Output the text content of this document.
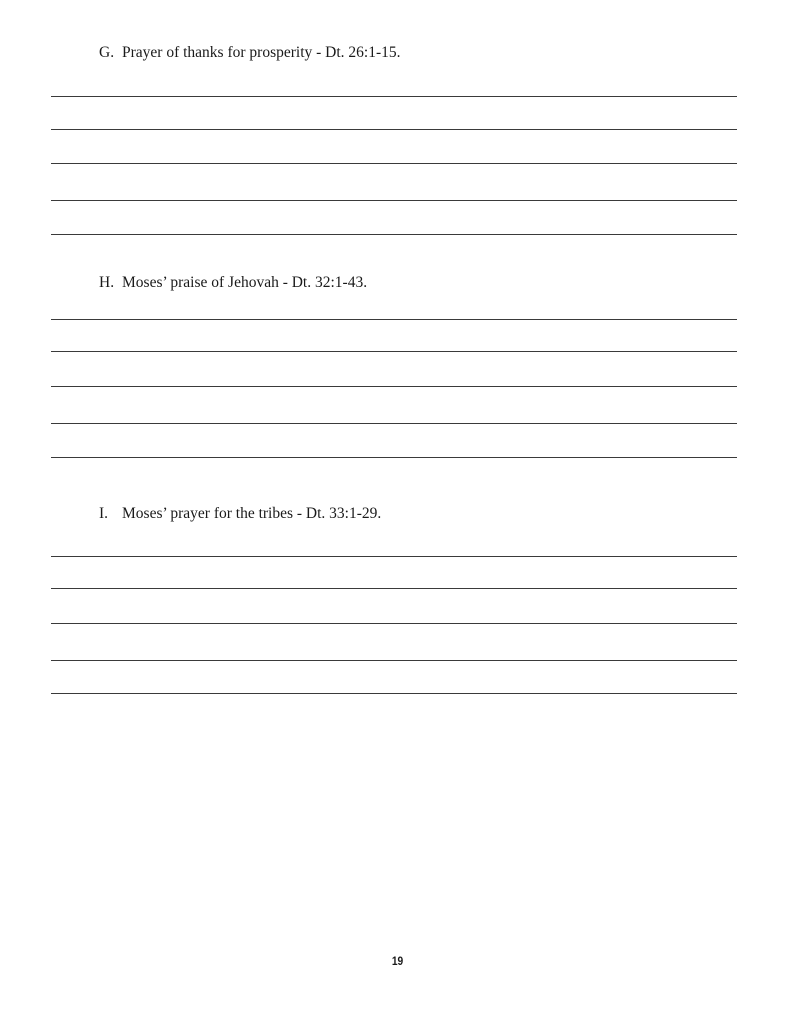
G. Prayer of thanks for prosperity - Dt. 26:1-15.
H. Moses’ praise of Jehovah - Dt. 32:1-43.
I. Moses’ prayer for the tribes - Dt. 33:1-29.
19
